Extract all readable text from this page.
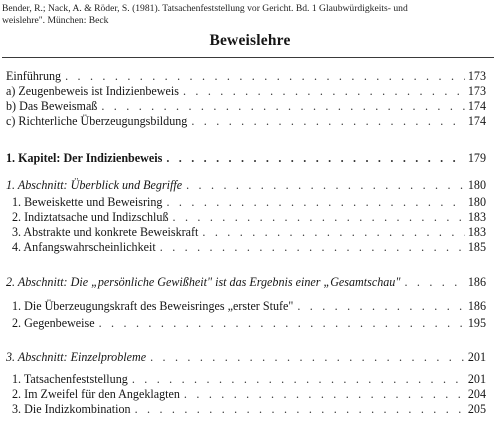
Bender, R.; Nack, A. & Röder, S. (1981). Tatsachenfeststellung vor Gericht. Bd. 1 Glaubwürdigkeits- und
weislehre". München: Beck
Beweislehre
Einführung . . .	173
a) Zeugenbeweis ist Indizienbeweis . . .	173
b) Das Beweismaß . . .	174
c) Richterliche Überzeugungsbildung . . .	174
1. Kapitel: Der Indizienbeweis . . .	179
1. Abschnitt: Überblick und Begriffe . . .	180
1. Beweiskette und Beweisring . . .	180
2. Indiztatsache und Indizschluß . . .	183
3. Abstrakte und konkrete Beweiskraft . . .	183
4. Anfangswahrscheinlichkeit . . .	185
2. Abschnitt: Die „persönliche Gewißheit" ist das Ergebnis einer „Gesamtschau" . . .	186
1. Die Überzeugungskraft des Beweisringes „erster Stufe" . . .	186
2. Gegenbeweise . . .	195
3. Abschnitt: Einzelprobleme . . .	201
1. Tatsachenfeststellung . . .	201
2. Im Zweifel für den Angeklagten . . .	204
3. Die Indizkombination . . .	205
